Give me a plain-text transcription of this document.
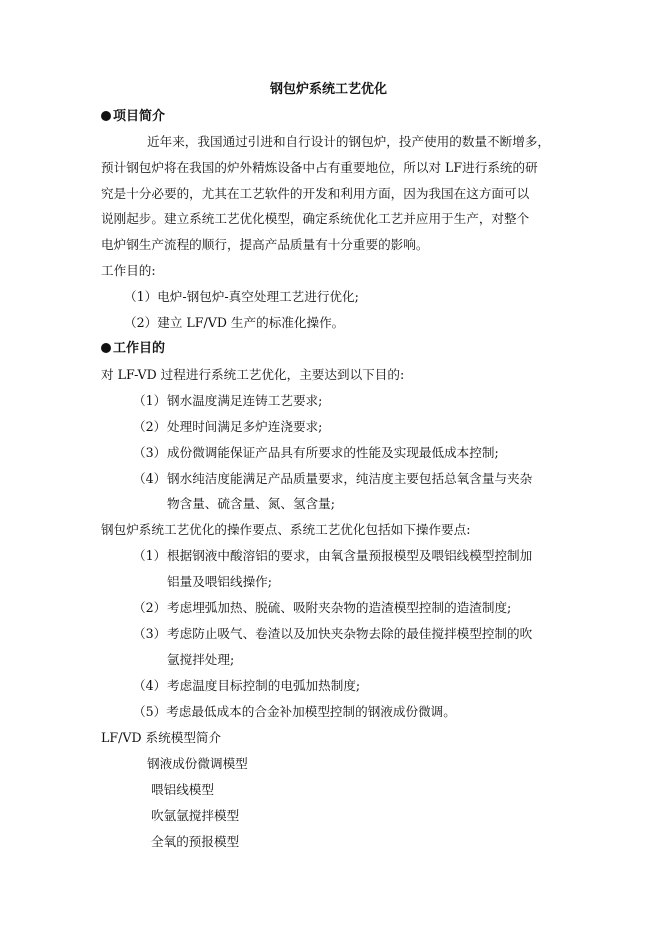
钢包炉系统工艺优化
项目简介
近年来，我国通过引进和自行设计的钢包炉，投产使用的数量不断增多，
预计钢包炉将在我国的炉外精炼设备中占有重要地位，所以对 LF进行系统的研
究是十分必要的，尤其在工艺软件的开发和利用方面，因为我国在这方面可以
说刚起步。建立系统工艺优化模型，确定系统优化工艺并应用于生产，对整个
电炉钢生产流程的顺行，提高产品质量有十分重要的影响。
工作目的:
（1）电炉-钢包炉-真空处理工艺进行优化;
（2）建立 LF/VD 生产的标准化操作。
工作目的
对 LF-VD 过程进行系统工艺优化，主要达到以下目的:
（1）钢水温度满足连铸工艺要求;
（2）处理时间满足多炉连浇要求;
（3）成份微调能保证产品具有所要求的性能及实现最低成本控制;
（4）钢水纯洁度能满足产品质量要求，纯洁度主要包括总氧含量与夹杂
物含量、硫含量、氮、氢含量;
钢包炉系统工艺优化的操作要点、系统工艺优化包括如下操作要点:
（1）根据钢液中酸溶铝的要求，由氧含量预报模型及喂铝线模型控制加
铝量及喂铝线操作;
（2）考虑埋弧加热、脱硫、吸附夹杂物的造渣模型控制的造渣制度;
（3）考虑防止吸气、卷渣以及加快夹杂物去除的最佳搅拌模型控制的吹
氩搅拌处理;
（4）考虑温度目标控制的电弧加热制度;
（5）考虑最低成本的合金补加模型控制的钢液成份微调。
LF/VD 系统模型简介
钢液成份微调模型
喂铝线模型
吹氩氩搅拌模型
全氧的预报模型
